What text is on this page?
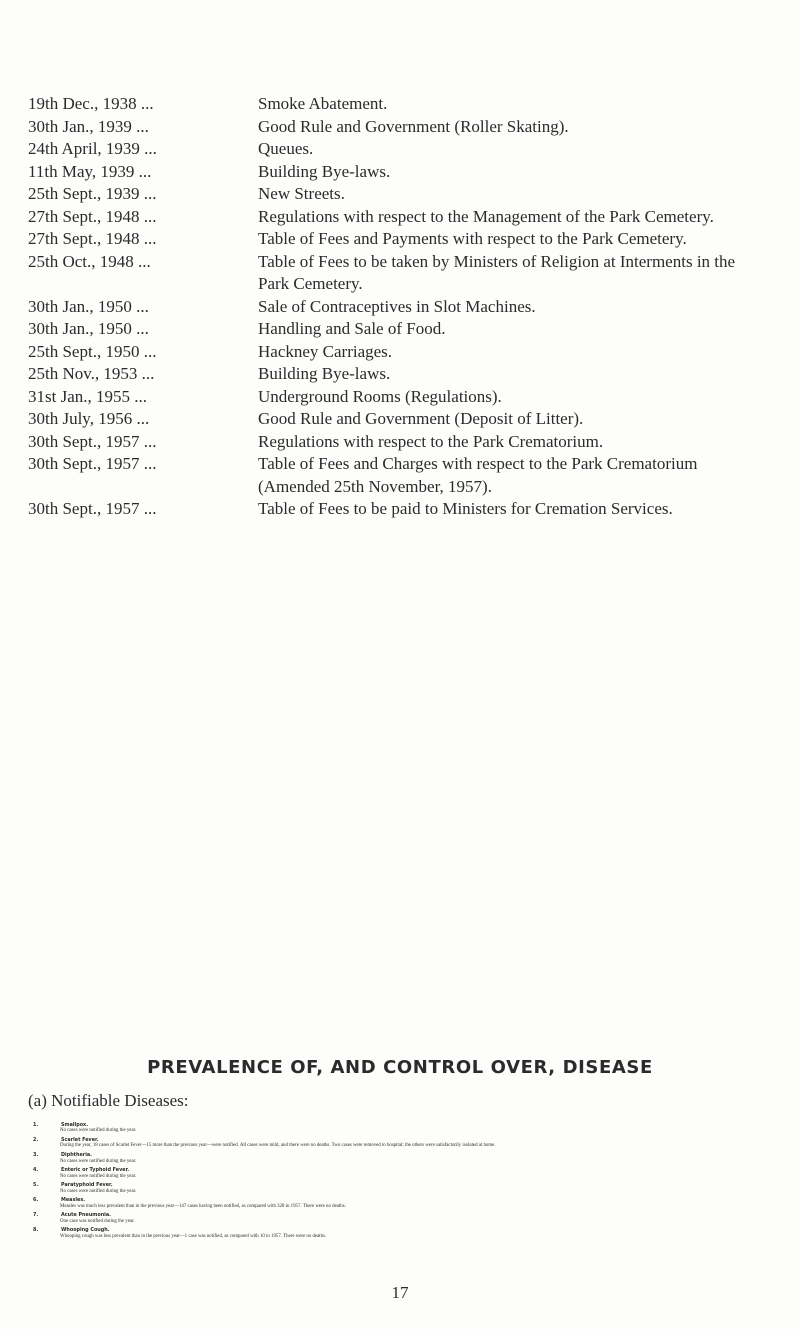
19th Dec., 1938 ...	Smoke Abatement.
30th Jan., 1939 ...	Good Rule and Government (Roller Skating).
24th April, 1939 ...	Queues.
11th May, 1939 ...	Building Bye-laws.
25th Sept., 1939 ...	New Streets.
27th Sept., 1948 ...	Regulations with respect to the Management of the Park Cemetery.
27th Sept., 1948 ...	Table of Fees and Payments with respect to the Park Cemetery.
25th Oct., 1948 ...	Table of Fees to be taken by Ministers of Religion at Interments in the Park Cemetery.
30th Jan., 1950 ...	Sale of Contraceptives in Slot Machines.
30th Jan., 1950 ...	Handling and Sale of Food.
25th Sept., 1950 ...	Hackney Carriages.
25th Nov., 1953 ...	Building Bye-laws.
31st Jan., 1955 ...	Underground Rooms (Regulations).
30th July, 1956 ...	Good Rule and Government (Deposit of Litter).
30th Sept., 1957 ...	Regulations with respect to the Park Crematorium.
30th Sept., 1957 ...	Table of Fees and Charges with respect to the Park Crematorium (Amended 25th November, 1957).
30th Sept., 1957 ...	Table of Fees to be paid to Ministers for Cremation Services.
PREVALENCE OF, AND CONTROL OVER, DISEASE
(a) Notifiable Diseases:
1.	Smallpox.
No cases were notified during the year.
2.	Scarlet Fever.
During the year, 18 cases of Scarlet Fever—15 more than the previous year—were notified. All cases were mild, and there were no deaths. Two cases were removed to hospital; the others were satisfactorily isolated at home.
3.	Diphtheria.
No cases were notified during the year.
4.	Enteric or Typhoid Fever.
No cases were notified during the year.
5.	Paratyphoid Fever.
No cases were notified during the year.
6.	Measles.
Measles was much less prevalent than in the previous year—147 cases having been notified, as compared with 328 in 1957. There were no deaths.
7.	Acute Pneumonia.
One case was notified during the year.
8.	Whooping Cough.
Whooping cough was less prevalent than in the previous year—1 case was notified, as compared with 10 in 1957. There were no deaths.
17
